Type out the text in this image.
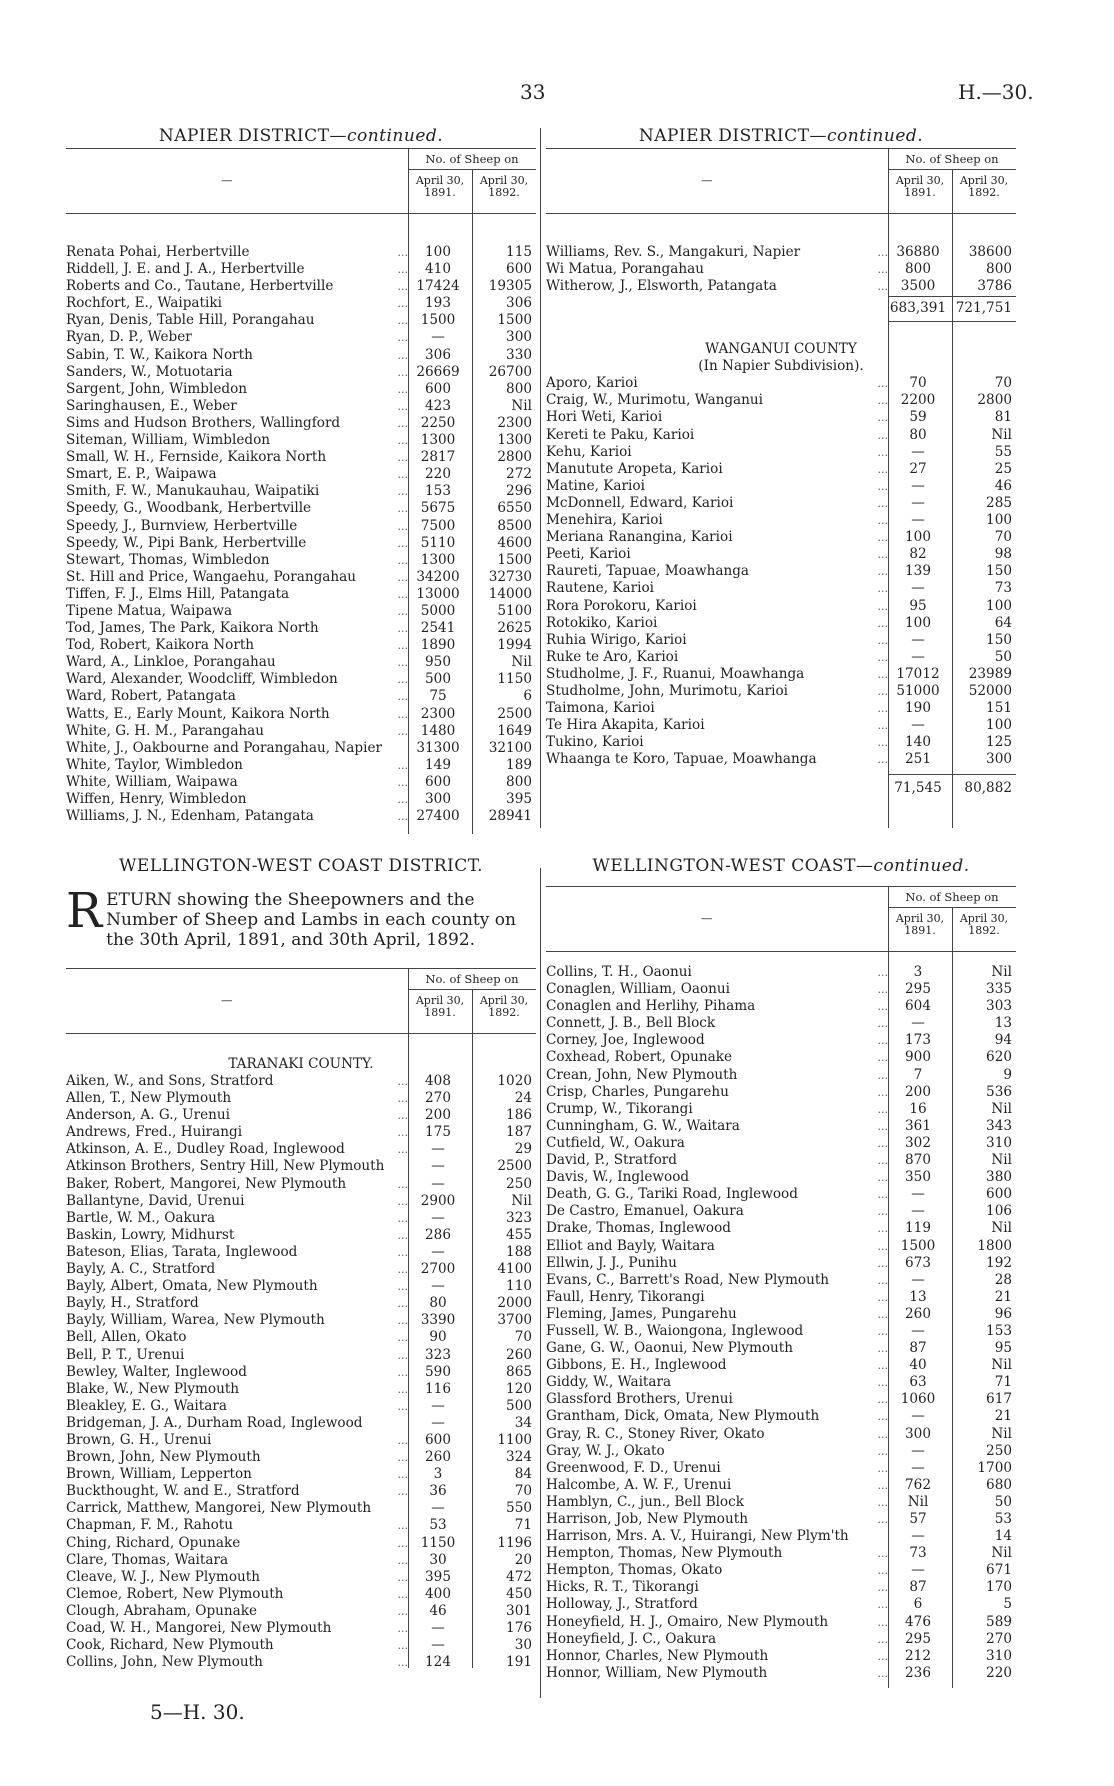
33	H.—30.
NAPIER DISTRICT—continued.
—
No. of Sheep on
April 30, 1891.
April 30, 1892.
Renata Pohai, Herbertville	...	100	115
Riddell, J. E. and J. A., Herbertville	...	410	600
Roberts and Co., Tautane, Herbertville	... 17424	19305
Rochfort, E., Waipatiki	...	193	306
Ryan, Denis, Table Hill, Porangahau	... 1500	1500
Ryan, D. P., Weber	...	—	300
Sabin, T. W., Kaikora North	...	306	330
Sanders, W., Motuotaria	... 26669	26700
Sargent, John, Wimbledon	...	600	800
Saringhausen, E., Weber	...	423	Nil
Sims and Hudson Brothers, Wallingford	... 2250	2300
Siteman, William, Wimbledon	... 1300	1300
Small, W. H., Fernside, Kaikora North	... 2817	2800
Smart, E. P., Waipawa	...	220	272
Smith, F. W., Manukauhau, Waipatiki	...	153	296
Speedy, G., Woodbank, Herbertville	... 5675	6550
Speedy, J., Burnview, Herbertville	... 7500	8500
Speedy, W., Pipi Bank, Herbertville	... 5110	4600
Stewart, Thomas, Wimbledon	... 1300	1500
St. Hill and Price, Wangaehu, Porangahau	... 34200	32730
Tiffen, F. J., Elms Hill, Patangata	... 13000	14000
Tipene Matua, Waipawa	... 5000	5100
Tod, James, The Park, Kaikora North	... 2541	2625
Tod, Robert, Kaikora North	... 1890	1994
Ward, A., Linkloe, Porangahau	...	950	Nil
Ward, Alexander, Woodcliff, Wimbledon	...	500	1150
Ward, Robert, Patangata	...	75	6
Watts, E., Early Mount, Kaikora North	... 2300	2500
White, G. H. M., Parangahau	... 1480	1649
White, J., Oakbourne and Porangahau, Napier	31300	32100
White, Taylor, Wimbledon	...	149	189
White, William, Waipawa	...	600	800
Wiffen, Henry, Wimbledon	...	300	395
Williams, J. N., Edenham, Patangata	... 27400	28941
NAPIER DISTRICT—continued.
—
No. of Sheep on
April 30, 1891.
April 30, 1892.
Williams, Rev. S., Mangakuri, Napier	... 36880	38600
Wi Matua, Porangahau	...	800	800
Witherow, J., Elsworth, Patangata	... 3500	3786
683,391 721,751
WANGANUI COUNTY
(In Napier Subdivision).
Aporo, Karioi	...	70	70
Craig, W., Murimotu, Wanganui	... 2200	2800
Hori Weti, Karioi	...	59	81
Kereti te Paku, Karioi	...	80	Nil
Kehu, Karioi	...	—	55
Manutute Aropeta, Karioi	...	27	25
Matine, Karioi	...	—	46
McDonnell, Edward, Karioi	...	—	285
Menehira, Karioi	...	—	100
Meriana Ranangina, Karioi	...	100	70
Peeti, Karioi	...	82	98
Raureti, Tapuae, Moawhanga	...	139	150
Rautene, Karioi	...	—	73
Rora Porokoru, Karioi	...	95	100
Rotokiko, Karioi	...	100	64
Ruhia Wirigo, Karioi	...	—	150
Ruke te Aro, Karioi	...	—	50
Studholme, J. F., Ruanui, Moawhanga	... 17012	23989
Studholme, John, Murimotu, Karioi	... 51000	52000
Taimona, Karioi	...	190	151
Te Hira Akapita, Karioi	...	—	100
Tukino, Karioi	...	140	125
Whaanga te Koro, Tapuae, Moawhanga	...	251	300
71,545	80,882
WELLINGTON-WEST COAST DISTRICT.
RETURN showing the Sheepowners and the Number of Sheep and Lambs in each county on the 30th April, 1891, and 30th April, 1892.
—
No. of Sheep on
April 30, 1891.
April 30, 1892.
TARANAKI COUNTY.
Aiken, W., and Sons, Stratford	...	408	1020
Allen, T., New Plymouth	...	270	24
Anderson, A. G., Urenui	...	200	186
Andrews, Fred., Huirangi	...	175	187
Atkinson, A. E., Dudley Road, Inglewood	...	—	29
Atkinson Brothers, Sentry Hill, New Plymouth	—	2500
Baker, Robert, Mangorei, New Plymouth	...	—	250
Ballantyne, David, Urenui	... 2900	Nil
Bartle, W. M., Oakura	...	—	323
Baskin, Lowry, Midhurst	...	286	455
Bateson, Elias, Tarata, Inglewood	...	—	188
Bayly, A. C., Stratford	... 2700	4100
Bayly, Albert, Omata, New Plymouth	...	—	110
Bayly, H., Stratford	...	80	2000
Bayly, William, Warea, New Plymouth	... 3390	3700
Bell, Allen, Okato	...	90	70
Bell, P. T., Urenui	...	323	260
Bewley, Walter, Inglewood	...	590	865
Blake, W., New Plymouth	...	116	120
Bleakley, E. G., Waitara	...	—	500
Bridgeman, J. A., Durham Road, Inglewood	—	34
Brown, G. H., Urenui	...	600	1100
Brown, John, New Plymouth	...	260	324
Brown, William, Lepperton	...	3	84
Buckthought, W. and E., Stratford	...	36	70
Carrick, Matthew, Mangorei, New Plymouth	—	550
Chapman, F. M., Rahotu	...	53	71
Ching, Richard, Opunake	... 1150	1196
Clare, Thomas, Waitara	...	30	20
Cleave, W. J., New Plymouth	...	395	472
Clemoe, Robert, New Plymouth	...	400	450
Clough, Abraham, Opunake	...	46	301
Coad, W. H., Mangorei, New Plymouth	...	—	176
Cook, Richard, New Plymouth	...	—	30
Collins, John, New Plymouth	...	124	191
WELLINGTON-WEST COAST—continued.
—
No. of Sheep on
April 30, 1891.
April 30, 1892.
Collins, T. H., Oaonui	...	3	Nil
Conaglen, William, Oaonui	...	295	335
Conaglen and Herlihy, Pihama	...	604	303
Connett, J. B., Bell Block	...	—	13
Corney, Joe, Inglewood	...	173	94
Coxhead, Robert, Opunake	...	900	620
Crean, John, New Plymouth	...	7	9
Crisp, Charles, Pungarehu	...	200	536
Crump, W., Tikorangi	...	16	Nil
Cunningham, G. W., Waitara	...	361	343
Cutfield, W., Oakura	...	302	310
David, P., Stratford	...	870	Nil
Davis, W., Inglewood	...	350	380
Death, G. G., Tariki Road, Inglewood	...	—	600
De Castro, Emanuel, Oakura	...	—	106
Drake, Thomas, Inglewood	...	119	Nil
Elliot and Bayly, Waitara	... 1500	1800
Ellwin, J. J., Punihu	...	673	192
Evans, C., Barrett's Road, New Plymouth	...	—	28
Faull, Henry, Tikorangi	...	13	21
Fleming, James, Pungarehu	...	260	96
Fussell, W. B., Waiongona, Inglewood	...	—	153
Gane, G. W., Oaonui, New Plymouth	...	87	95
Gibbons, E. H., Inglewood	...	40	Nil
Giddy, W., Waitara	...	63	71
Glassford Brothers, Urenui	... 1060	617
Grantham, Dick, Omata, New Plymouth	...	—	21
Gray, R. C., Stoney River, Okato	...	300	Nil
Gray, W. J., Okato	...	—	250
Greenwood, F. D., Urenui	...	—	1700
Halcombe, A. W. F., Urenui	...	762	680
Hamblyn, C., jun., Bell Block	...	Nil	50
Harrison, Job, New Plymouth	...	57	53
Harrison, Mrs. A. V., Huirangi, New Plym'th	—	14
Hempton, Thomas, New Plymouth	...	73	Nil
Hempton, Thomas, Okato	...	—	671
Hicks, R. T., Tikorangi	...	87	170
Holloway, J., Stratford	...	6	5
Honeyfield, H. J., Omairo, New Plymouth	...	476	589
Honeyfield, J. C., Oakura	...	295	270
Honnor, Charles, New Plymouth	...	212	310
Honnor, William, New Plymouth	...	236	220
5—H. 30.
